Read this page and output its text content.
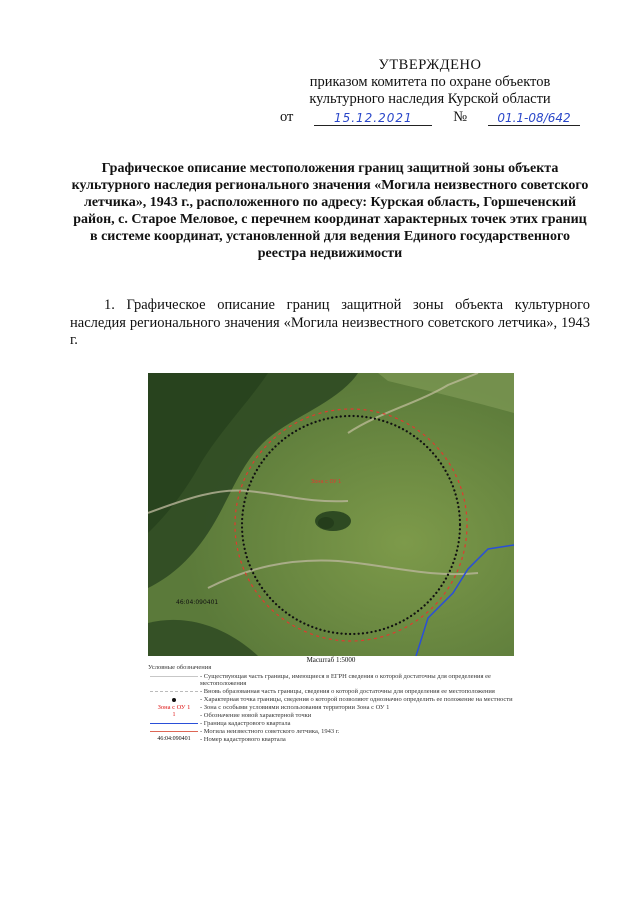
УТВЕРЖДЕНО
приказом комитета по охране объектов
культурного наследия Курской области
от	15.12.2021	№	01.1-08/642
Графическое описание местоположения границ защитной зоны объекта культурного наследия регионального значения «Могила неизвестного советского летчика», 1943 г., расположенного по адресу: Курская область, Горшеченский район, с. Старое Меловое, с перечнем координат характерных точек этих границ в системе координат, установленной для ведения Единого государственного реестра недвижимости
1. Графическое описание границ защитной зоны объекта культурного наследия регионального значения «Могила неизвестного советского летчика», 1943 г.
Зона с ОУ 1
46:04:090401
Масштаб 1:5000
Условные обозначения
- Существующая часть границы, имеющиеся в ЕГРН сведения о которой достаточны для определения ее местоположения
- Вновь образованная часть границы, сведения о которой достаточны для определения ее местоположения
- Характерная точка границы, сведения о которой позволяют однозначно определить ее положение на местности
Зона с ОУ 1 - Зона с особыми условиями использования территории Зона с ОУ 1
1	- Обозначение новой характерной точки
- Граница кадастрового квартала
- Могила неизвестного советского летчика, 1943 г.
46:04:090401 - Номер кадастрового квартала
